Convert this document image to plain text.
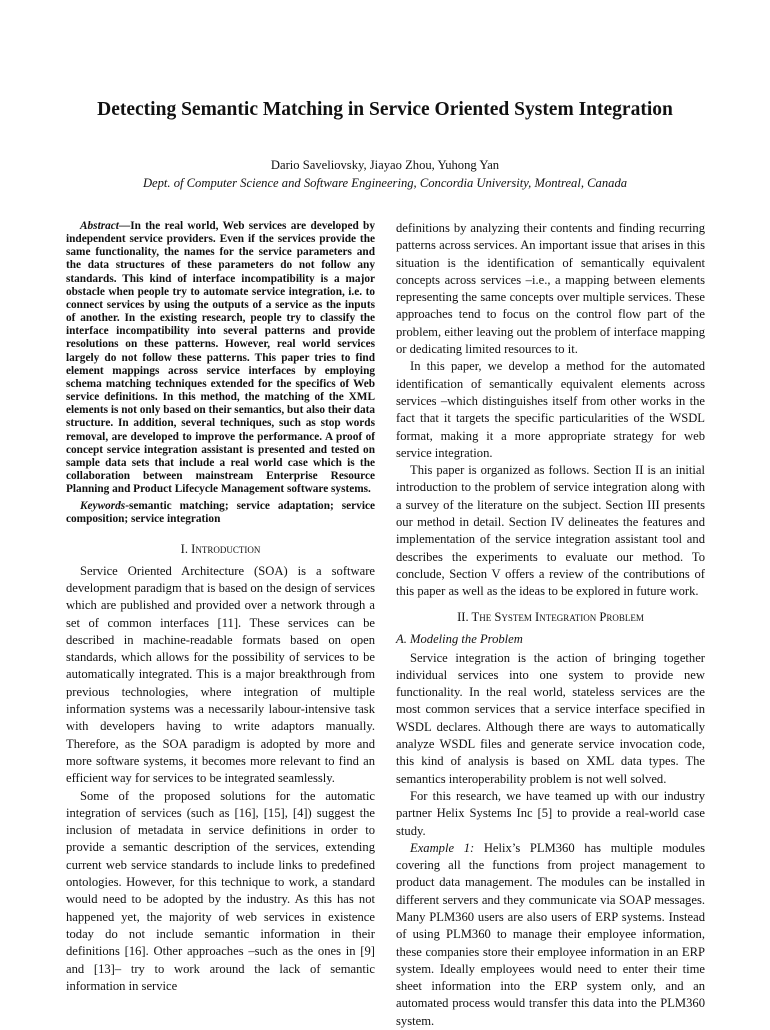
Detecting Semantic Matching in Service Oriented System Integration
Dario Saveliovsky, Jiayao Zhou, Yuhong Yan
Dept. of Computer Science and Software Engineering, Concordia University, Montreal, Canada

Abstract—In the real world, Web services are developed by independent service providers. Even if the services provide the same functionality, the names for the service parameters and the data structures of these parameters do not follow any standards. This kind of interface incompatibility is a major obstacle when people try to automate service integration, i.e. to connect services by using the outputs of a service as the inputs of another. In the existing research, people try to classify the interface incompatibility into several patterns and provide resolutions on these patterns. However, real world services largely do not follow these patterns. This paper tries to find element mappings across service interfaces by employing schema matching techniques extended for the specifics of Web service definitions. In this method, the matching of the XML elements is not only based on their semantics, but also their data structure. In addition, several techniques, such as stop words removal, are developed to improve the performance. A proof of concept service integration assistant is presented and tested on sample data sets that include a real world case which is the collaboration between mainstream Enterprise Resource Planning and Product Lifecycle Management software systems.

Keywords-semantic matching; service adaptation; service composition; service integration

I. Introduction

Service Oriented Architecture (SOA) is a software development paradigm that is based on the design of services which are published and provided over a network through a set of common interfaces [11]. These services can be described in machine-readable formats based on open standards, which allows for the possibility of services to be automatically integrated. This is a major breakthrough from previous technologies, where integration of multiple information systems was a necessarily labour-intensive task with developers having to write adaptors manually. Therefore, as the SOA paradigm is adopted by more and more software systems, it becomes more relevant to find an efficient way for services to be integrated seamlessly.

Some of the proposed solutions for the automatic integration of services (such as [16], [15], [4]) suggest the inclusion of metadata in service definitions in order to provide a semantic description of the services, extending current web service standards to include links to predefined ontologies. However, for this technique to work, a standard would need to be adopted by the industry. As this has not happened yet, the majority of web services in existence today do not include semantic information in their definitions [16]. Other approaches –such as the ones in [9] and [13]– try to work around the lack of semantic information in service

definitions by analyzing their contents and finding recurring patterns across services. An important issue that arises in this situation is the identification of semantically equivalent concepts across services –i.e., a mapping between elements representing the same concepts over multiple services. These approaches tend to focus on the control flow part of the problem, either leaving out the problem of interface mapping or dedicating limited resources to it.

In this paper, we develop a method for the automated identification of semantically equivalent elements across services –which distinguishes itself from other works in the fact that it targets the specific particularities of the WSDL format, making it a more appropriate strategy for web service integration.

This paper is organized as follows. Section II is an initial introduction to the problem of service integration along with a survey of the literature on the subject. Section III presents our method in detail. Section IV delineates the features and implementation of the service integration assistant tool and describes the experiments to evaluate our method. To conclude, Section V offers a review of the contributions of this paper as well as the ideas to be explored in future work.

II. The System Integration Problem
A. Modeling the Problem

Service integration is the action of bringing together individual services into one system to provide new functionality. In the real world, stateless services are the most common services that a service interface specified in WSDL declares. Although there are ways to automatically analyze WSDL files and generate service invocation code, this kind of analysis is based on XML data types. The semantics interoperability problem is not well solved.

For this research, we have teamed up with our industry partner Helix Systems Inc [5] to provide a real-world case study.

Example 1: Helix’s PLM360 has multiple modules covering all the functions from project management to product data management. The modules can be installed in different servers and they communicate via SOAP messages. Many PLM360 users are also users of ERP systems. Instead of using PLM360 to manage their employee information, these companies store their employee information in an ERP system. Ideally employees would need to enter their time sheet information into the ERP system only, and an automated process would transfer this data into the PLM360 system.
